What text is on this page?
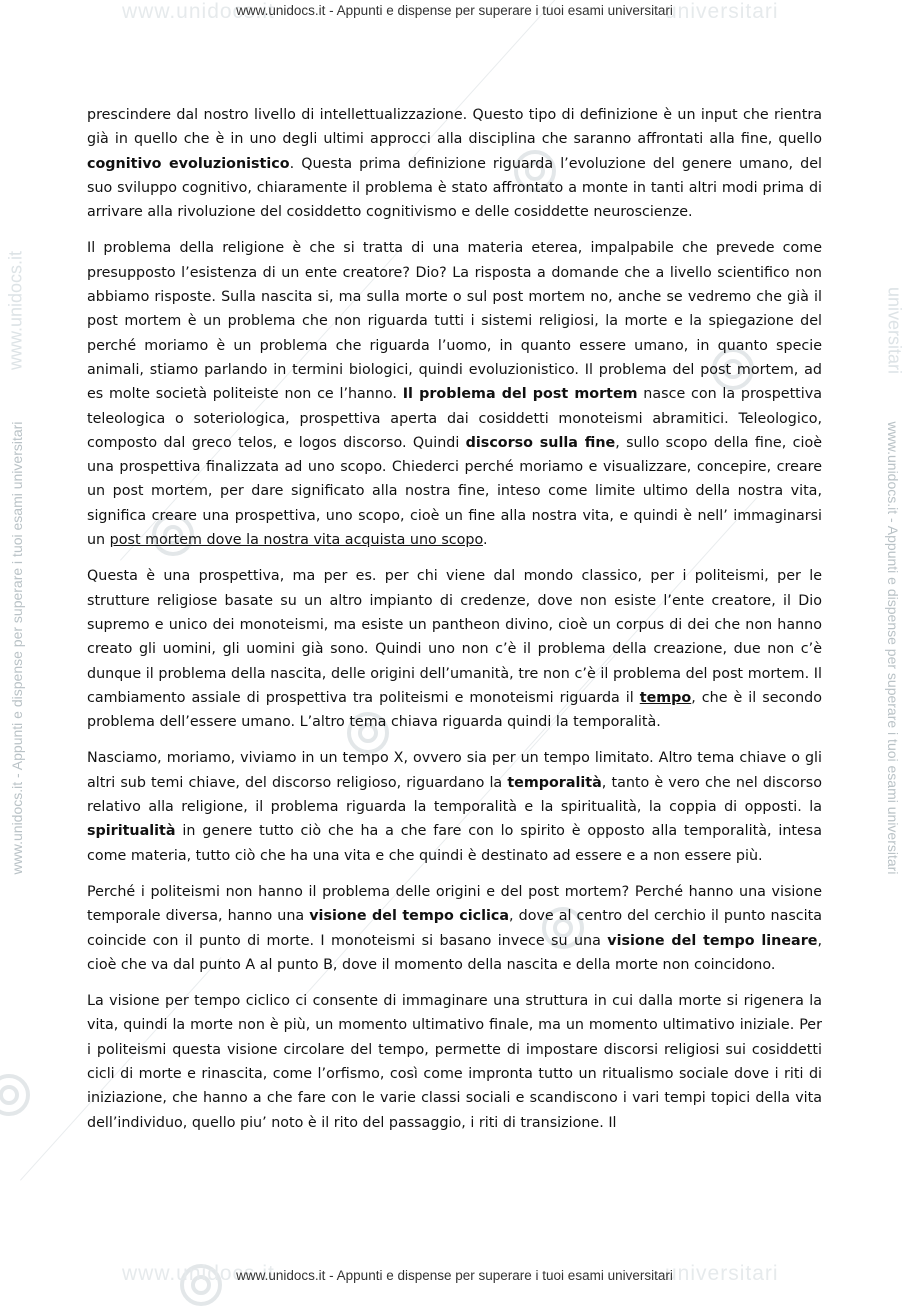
www.unidocs.it	universitari
www.unidocs.it - Appunti e dispense per superare i tuoi esami universitari
www.unidocs.it	universitari
www.unidocs.it - Appunti e dispense per superare i tuoi esami universitari
www.unidocs.it - Appunti e dispense per superare i tuoi esami universitari
www.unidocs.it
www.unidocs.it - Appunti e dispense per superare i tuoi esami universitari
universitari

prescindere dal nostro livello di intellettualizzazione. Questo tipo di definizione è un input che rientra già in quello che è in uno degli ultimi approcci alla disciplina che saranno affrontati alla fine, quello cognitivo evoluzionistico. Questa prima definizione riguarda l’evoluzione del genere umano, del suo sviluppo cognitivo, chiaramente il problema è stato affrontato a monte in tanti altri modi prima di arrivare alla rivoluzione del cosiddetto cognitivismo e delle cosiddette neuroscienze.

Il problema della religione è che si tratta di una materia eterea, impalpabile che prevede come presupposto l’esistenza di un ente creatore? Dio? La risposta a domande che a livello scientifico non abbiamo risposte. Sulla nascita si, ma sulla morte o sul post mortem no, anche se vedremo che già il post mortem è un problema che non riguarda tutti i sistemi religiosi, la morte e la spiegazione del perché moriamo è un problema che riguarda l’uomo, in quanto essere umano, in quanto specie animali, stiamo parlando in termini biologici, quindi evoluzionistico. Il problema del post mortem, ad es molte società politeiste non ce l’hanno. Il problema del post mortem nasce con la prospettiva teleologica o soteriologica, prospettiva aperta dai cosiddetti monoteismi abramitici. Teleologico, composto dal greco telos, e logos discorso. Quindi discorso sulla fine, sullo scopo della fine, cioè una prospettiva finalizzata ad uno scopo. Chiederci perché moriamo e visualizzare, concepire, creare un post mortem, per dare significato alla nostra fine, inteso come limite ultimo della nostra vita, significa creare una prospettiva, uno scopo, cioè un fine alla nostra vita, e quindi è nell’ immaginarsi un post mortem dove la nostra vita acquista uno scopo.

Questa è una prospettiva, ma per es. per chi viene dal mondo classico, per i politeismi, per le strutture religiose basate su un altro impianto di credenze, dove non esiste l’ente creatore, il Dio supremo e unico dei monoteismi, ma esiste un pantheon divino, cioè un corpus di dei che non hanno creato gli uomini, gli uomini già sono. Quindi uno non c’è il problema della creazione, due non c’è dunque il problema della nascita, delle origini dell’umanità, tre non c’è il problema del post mortem. Il cambiamento assiale di prospettiva tra politeismi e monoteismi riguarda il tempo, che è il secondo problema dell’essere umano. L’altro tema chiava riguarda quindi la temporalità.

Nasciamo, moriamo, viviamo in un tempo X, ovvero sia per un tempo limitato. Altro tema chiave o gli altri sub temi chiave, del discorso religioso, riguardano la temporalità, tanto è vero che nel discorso relativo alla religione, il problema riguarda la temporalità e la spiritualità, la coppia di opposti. la spiritualità in genere tutto ciò che ha a che fare con lo spirito è opposto alla temporalità, intesa come materia, tutto ciò che ha una vita e che quindi è destinato ad essere e a non essere più.

Perché i politeismi non hanno il problema delle origini e del post mortem? Perché hanno una visione temporale diversa, hanno una visione del tempo ciclica, dove al centro del cerchio il punto nascita coincide con il punto di morte. I monoteismi si basano invece su una visione del tempo lineare, cioè che va dal punto A al punto B, dove il momento della nascita e della morte non coincidono.

La visione per tempo ciclico ci consente di immaginare una struttura in cui dalla morte si rigenera la vita, quindi la morte non è più, un momento ultimativo finale, ma un momento ultimativo iniziale. Per i politeismi questa visione circolare del tempo, permette di impostare discorsi religiosi sui cosiddetti cicli di morte e rinascita, come l’orfismo, così come impronta tutto un ritualismo sociale dove i riti di iniziazione, che hanno a che fare con le varie classi sociali e scandiscono i vari tempi topici della vita dell’individuo, quello piu’ noto è il rito del passaggio, i riti di transizione. Il
